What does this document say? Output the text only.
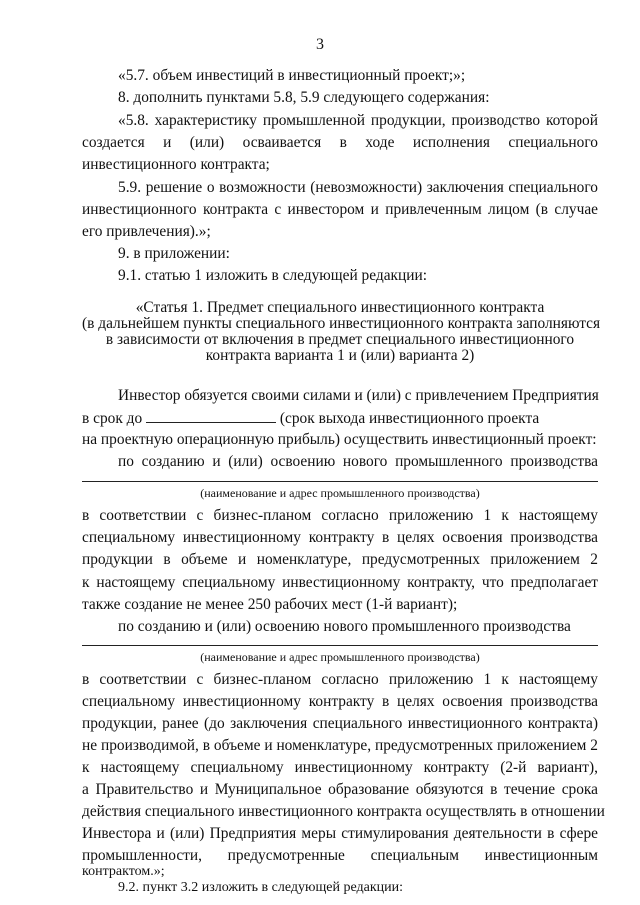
3
«5.7. объем инвестиций в инвестиционный проект;»;
8. дополнить пунктами 5.8, 5.9 следующего содержания:
«5.8. характеристику промышленной продукции, производство которой
создается и (или) осваивается в ходе исполнения специального
инвестиционного контракта;
5.9. решение о возможности (невозможности) заключения специального
инвестиционного контракта с инвестором и привлеченным лицом (в случае
его привлечения).»;
9. в приложении:
9.1. статью 1 изложить в следующей редакции:
«Статья 1. Предмет специального инвестиционного контракта
(в дальнейшем пункты специального инвестиционного контракта заполняются
в зависимости от включения в предмет специального инвестиционного
контракта варианта 1 и (или) варианта 2)
Инвестор обязуется своими силами и (или) с привлечением Предприятия
в срок до	(срок выхода инвестиционного проекта
на проектную операционную прибыль) осуществить инвестиционный проект:
по созданию и (или) освоению нового промышленного производства
(наименование и адрес промышленного производства)
в соответствии с бизнес-планом согласно приложению 1 к настоящему
специальному инвестиционному контракту в целях освоения производства
продукции в объеме и номенклатуре, предусмотренных приложением 2
к настоящему специальному инвестиционному контракту, что предполагает
также создание не менее 250 рабочих мест (1-й вариант);
по созданию и (или) освоению нового промышленного производства
(наименование и адрес промышленного производства)
в соответствии с бизнес-планом согласно приложению 1 к настоящему
специальному инвестиционному контракту в целях освоения производства
продукции, ранее (до заключения специального инвестиционного контракта)
не производимой, в объеме и номенклатуре, предусмотренных приложением 2
к настоящему специальному инвестиционному контракту (2-й вариант),
а Правительство и Муниципальное образование обязуются в течение срока
действия специального инвестиционного контракта осуществлять в отношении
Инвестора и (или) Предприятия меры стимулирования деятельности в сфере
промышленности, предусмотренные специальным инвестиционным
контрактом.»;
9.2. пункт 3.2 изложить в следующей редакции:
